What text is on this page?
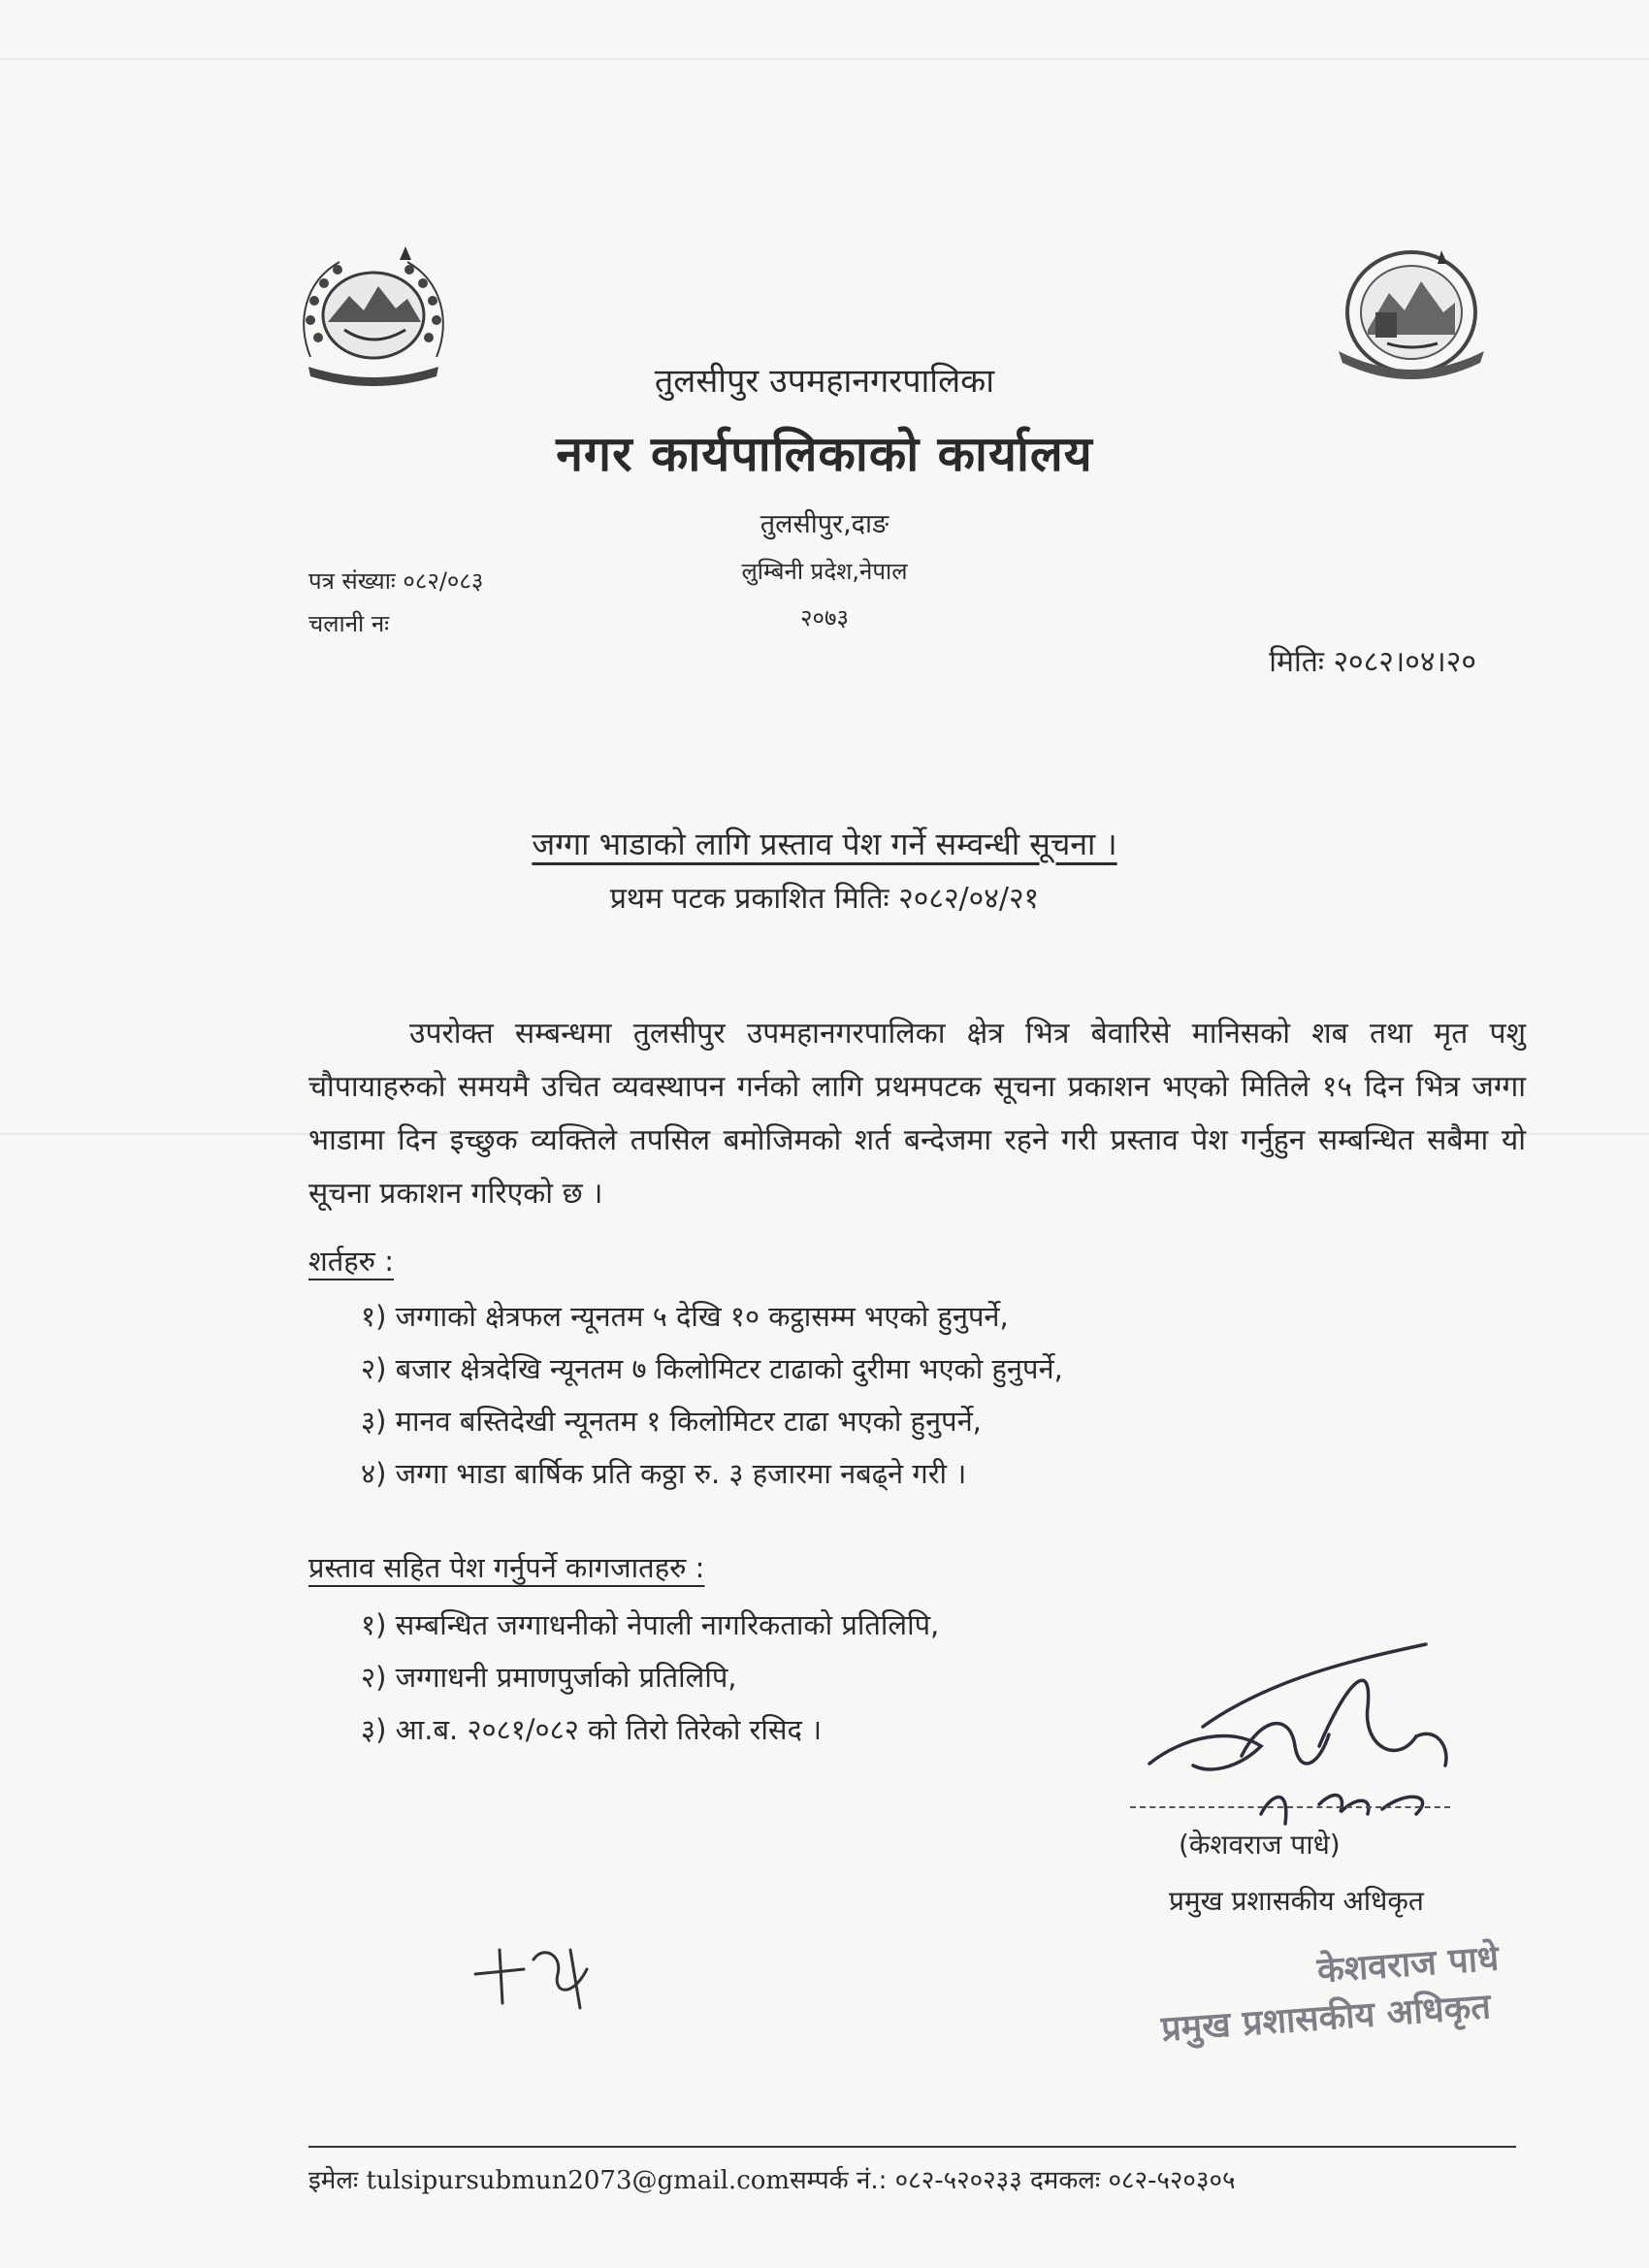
तुलसीपुर उपमहानगरपालिका
नगर कार्यपालिकाको कार्यालय
तुलसीपुर,दाङ
लुम्बिनी प्रदेश,नेपाल
२०७३
पत्र संख्याः ०८२/०८३
चलानी नः
मितिः २०८२।०४।२०
जग्गा भाडाको लागि प्रस्ताव पेश गर्ने सम्वन्धी सूचना ।
प्रथम पटक प्रकाशित मितिः २०८२/०४/२१

उपरोक्त सम्बन्धमा तुलसीपुर उपमहानगरपालिका क्षेत्र भित्र बेवारिसे मानिसको शब तथा मृत पशु चौपायाहरुको समयमै उचित व्यवस्थापन गर्नको लागि प्रथमपटक सूचना प्रकाशन भएको मितिले १५ दिन भित्र जग्गा भाडामा दिन इच्छुक व्यक्तिले तपसिल बमोजिमको शर्त बन्देजमा रहने गरी प्रस्ताव पेश गर्नुहुन सम्बन्धित सबैमा यो सूचना प्रकाशन गरिएको छ ।

शर्तहरु :
१) जग्गाको क्षेत्रफल न्यूनतम ५ देखि १० कट्ठासम्म भएको हुनुपर्ने,
२) बजार क्षेत्रदेखि न्यूनतम ७ किलोमिटर टाढाको दुरीमा भएको हुनुपर्ने,
३) मानव बस्तिदेखी न्यूनतम १ किलोमिटर टाढा भएको हुनुपर्ने,
४) जग्गा भाडा बार्षिक प्रति कठ्ठा रु. ३ हजारमा नबढ्ने गरी ।
प्रस्ताव सहित पेश गर्नुपर्ने कागजातहरु :
१) सम्बन्धित जग्गाधनीको नेपाली नागरिकताको प्रतिलिपि,
२) जग्गाधनी प्रमाणपुर्जाको प्रतिलिपि,
३) आ.ब. २०८१/०८२ को तिरो तिरेको रसिद ।
(केशवराज पाधे)
प्रमुख प्रशासकीय अधिकृत
केशवराज पाधे
प्रमुख प्रशासकीय अधिकृत
इमेलः tulsipursubmun2073@gmail.comसम्पर्क नं.: ०८२-५२०२३३ दमकलः ०८२-५२०३०५
